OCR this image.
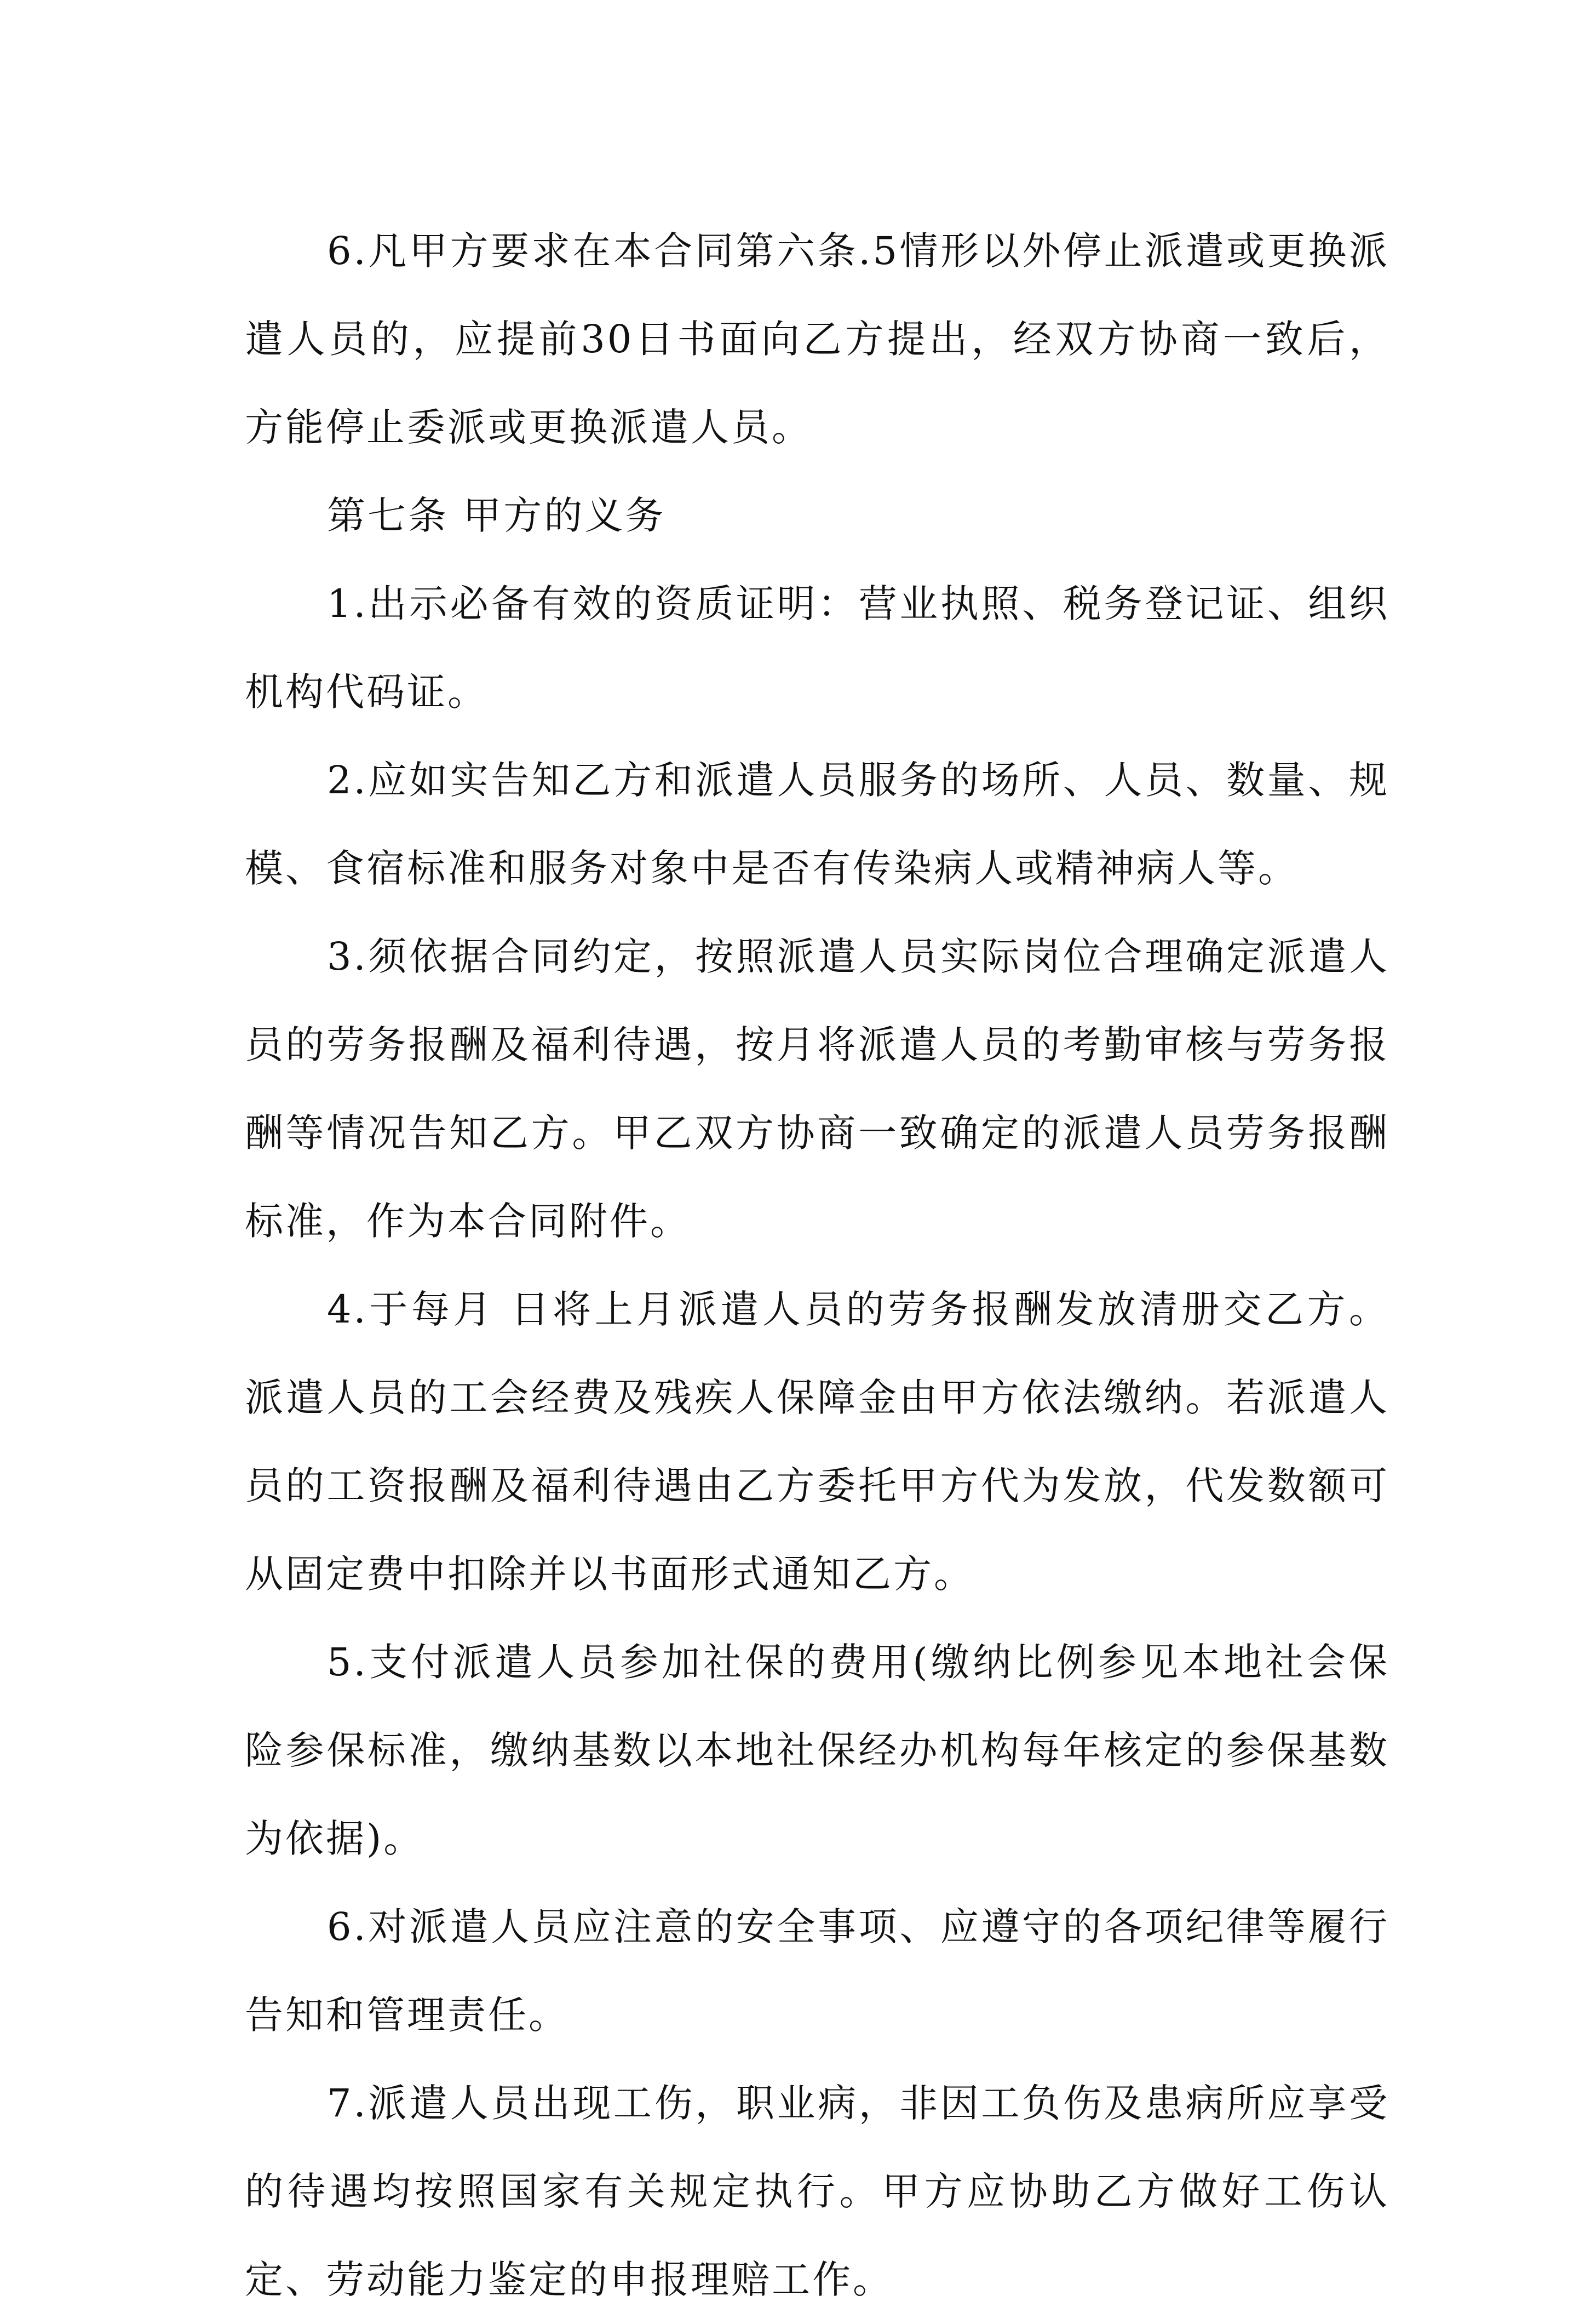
6.凡甲方要求在本合同第六条.5情形以外停止派遣或更换派遣人员的，应提前30日书面向乙方提出，经双方协商一致后，方能停止委派或更换派遣人员。

第七条 甲方的义务

1.出示必备有效的资质证明：营业执照、税务登记证、组织机构代码证。

2.应如实告知乙方和派遣人员服务的场所、人员、数量、规模、食宿标准和服务对象中是否有传染病人或精神病人等。

3.须依据合同约定，按照派遣人员实际岗位合理确定派遣人员的劳务报酬及福利待遇，按月将派遣人员的考勤审核与劳务报酬等情况告知乙方。甲乙双方协商一致确定的派遣人员劳务报酬标准，作为本合同附件。

4.于每月 日将上月派遣人员的劳务报酬发放清册交乙方。派遣人员的工会经费及残疾人保障金由甲方依法缴纳。若派遣人员的工资报酬及福利待遇由乙方委托甲方代为发放，代发数额可从固定费中扣除并以书面形式通知乙方。

5.支付派遣人员参加社保的费用(缴纳比例参见本地社会保险参保标准，缴纳基数以本地社保经办机构每年核定的参保基数为依据)。

6.对派遣人员应注意的安全事项、应遵守的各项纪律等履行告知和管理责任。

7.派遣人员出现工伤，职业病，非因工负伤及患病所应享受的待遇均按照国家有关规定执行。甲方应协助乙方做好工伤认定、劳动能力鉴定的申报理赔工作。
